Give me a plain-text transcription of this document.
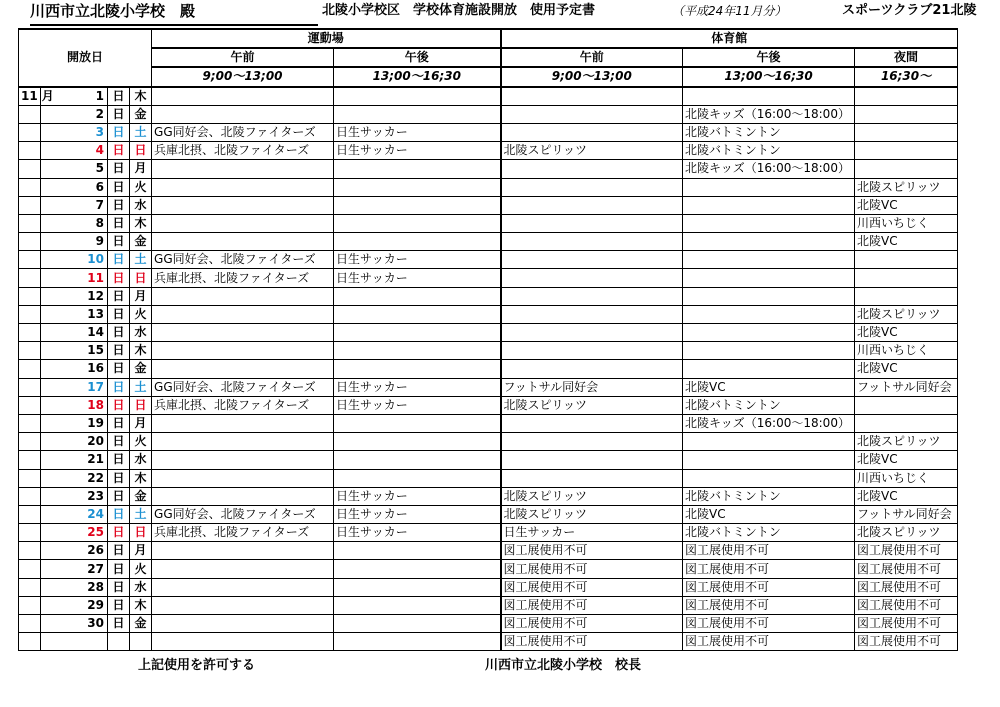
川西市立北陵小学校　殿	北陵小学校区　学校体育施設開放　使用予定書	（平成24年11月分）	スポーツクラブ21北陵
開放日				運動場		体育館		
				午前	午後	午前	午後	夜間
				9;00～13;00	13;00～16;30	9;00～13;00	13;00～16;30	16;30～
11 月	1	日	木					
	2	日	金				北陵キッズ（16:00～18:00）	
	3	日	土	GG同好会、北陵ファイターズ	日生サッカー		北陵バトミントン	
	4	日	日	兵庫北摂、北陵ファイターズ	日生サッカー	北陵スピリッツ	北陵バトミントン	
	5	日	月				北陵キッズ（16:00～18:00）	
	6	日	火					北陵スピリッツ
	7	日	水					北陵VC
	8	日	木					川西いちじく
	9	日	金					北陵VC
	10	日	土	GG同好会、北陵ファイターズ	日生サッカー			
	11	日	日	兵庫北摂、北陵ファイターズ	日生サッカー			
	12	日	月					
	13	日	火					北陵スピリッツ
	14	日	水					北陵VC
	15	日	木					川西いちじく
	16	日	金					北陵VC
	17	日	土	GG同好会、北陵ファイターズ	日生サッカー	フットサル同好会	北陵VC	フットサル同好会
	18	日	日	兵庫北摂、北陵ファイターズ	日生サッカー	北陵スピリッツ	北陵バトミントン	
	19	日	月				北陵キッズ（16:00～18:00）	
	20	日	火					北陵スピリッツ
	21	日	水					北陵VC
	22	日	木					川西いちじく
	23	日	金		日生サッカー	北陵スピリッツ	北陵バトミントン	北陵VC
	24	日	土	GG同好会、北陵ファイターズ	日生サッカー	北陵スピリッツ	北陵VC	フットサル同好会
	25	日	日	兵庫北摂、北陵ファイターズ	日生サッカー	日生サッカー	北陵バトミントン	北陵スピリッツ
	26	日	月			図工展使用不可	図工展使用不可	図工展使用不可
	27	日	火			図工展使用不可	図工展使用不可	図工展使用不可
	28	日	水			図工展使用不可	図工展使用不可	図工展使用不可
	29	日	木			図工展使用不可	図工展使用不可	図工展使用不可
	30	日	金			図工展使用不可	図工展使用不可	図工展使用不可
						図工展使用不可	図工展使用不可	図工展使用不可
上記使用を許可する	川西市立北陵小学校　校長
